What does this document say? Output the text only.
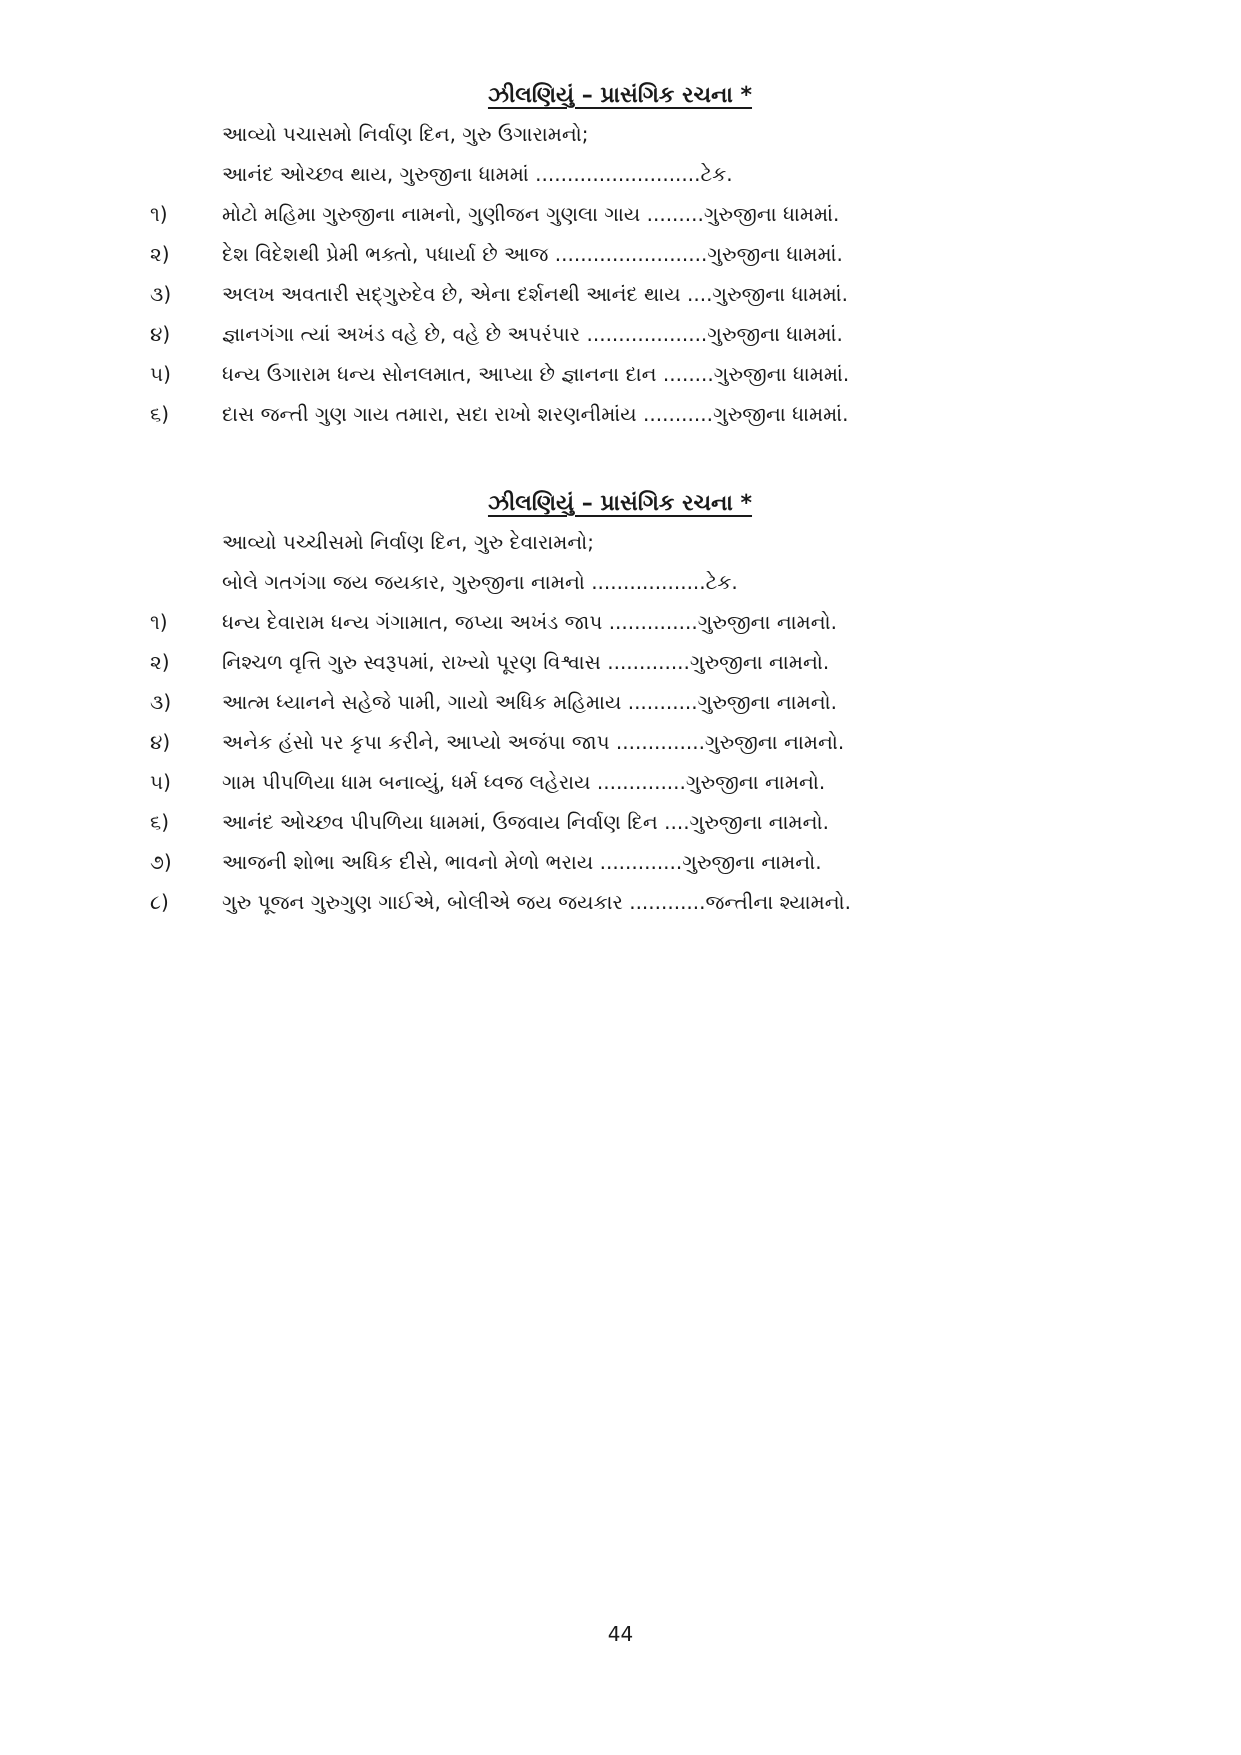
ઝીલણિયું – પ્રાસંગિક રચના *
આવ્યો પચાસમો નિર્વાણ દિન, ગુરુ ઉગારામનો;
આનંદ ઓચ્છવ થાય, ગુરુજીના ધામમાં ..........................ટેક.
૧)	મોટો મહિમા ગુરુજીના નામનો, ગુણીજન ગુણલા ગાય .........ગુરુજીના ધામમાં.
૨)	દેશ વિદેશથી પ્રેમી ભક્તો, પધાર્યા છે આજ ........................ગુરુજીના ધામમાં.
૩)	અલખ અવતારી સદ્‌ગુરુદેવ છે, એના દર્શનથી આનંદ થાય ....ગુરુજીના ધામમાં.
૪)	જ્ઞાનગંગા ત્યાં અખંડ વહે છે, વહે છે અપરંપાર ...................ગુરુજીના ધામમાં.
૫)	ધન્ય ઉગારામ ધન્ય સોનલમાત, આપ્યા છે જ્ઞાનના દાન ........ગુરુજીના ધામમાં.
૬)	દાસ જન્તી ગુણ ગાય તમારા, સદા રાખો શરણનીમાંય ...........ગુરુજીના ધામમાં.
ઝીલણિયું – પ્રાસંગિક રચના *
આવ્યો પચ્ચીસમો નિર્વાણ દિન, ગુરુ દેવારામનો;
બોલે ગતગંગા જય જયકાર, ગુરુજીના નામનો ..................ટેક.
૧)	ધન્ય દેવારામ ધન્ય ગંગામાત, જપ્યા અખંડ જાપ ..............ગુરુજીના નામનો.
૨)	નિશ્ચળ વૃત્તિ ગુરુ સ્વરૂપમાં, રાખ્યો પૂરણ વિશ્વાસ .............ગુરુજીના નામનો.
૩)	આત્મ ધ્યાનને સહેજે પામી, ગાયો અધિક મહિમાય ...........ગુરુજીના નામનો.
૪)	અનેક હંસો પર કૃપા કરીને, આપ્યો અજંપા જાપ ..............ગુરુજીના નામનો.
૫)	ગામ પીપળિયા ધામ બનાવ્યું, ધર્મ ધ્વજ લહેરાય ..............ગુરુજીના નામનો.
૬)	આનંદ ઓચ્છવ પીપળિયા ધામમાં, ઉજવાય નિર્વાણ દિન ....ગુરુજીના નામનો.
૭)	આજની શોભા અધિક દીસે, ભાવનો મેળો ભરાય .............ગુરુજીના નામનો.
૮)	ગુરુ પૂજન ગુરુગુણ ગાઈએ, બોલીએ જય જયકાર ............જન્તીના શ્યામનો.
44
